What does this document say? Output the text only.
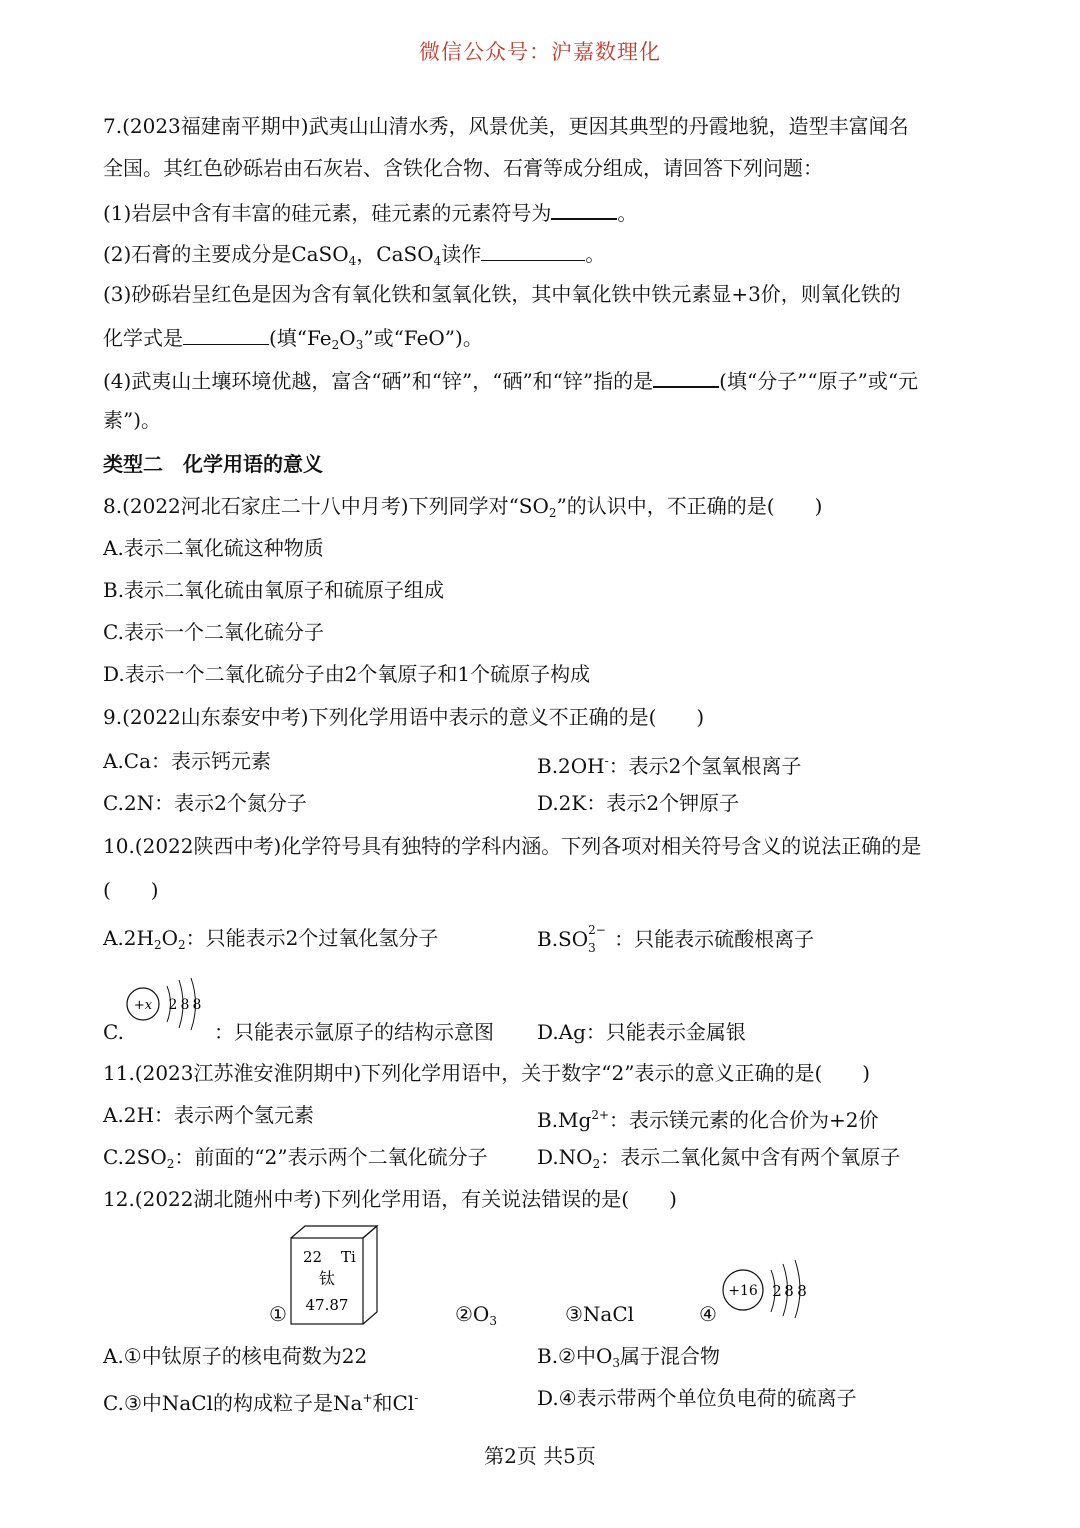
微信公众号：沪嘉数理化
7.(2023福建南平期中)武夷山山清水秀，风景优美，更因其典型的丹霞地貌，造型丰富闻名
全国。其红色砂砾岩由石灰岩、含铁化合物、石膏等成分组成，请回答下列问题：
(1)岩层中含有丰富的硅元素，硅元素的元素符号为	。
(2)石膏的主要成分是CaSO$_4$，CaSO$_4$读作	。
(3)砂砾岩呈红色是因为含有氧化铁和氢氧化铁，其中氧化铁中铁元素显+3价，则氧化铁的
化学式是	(填“$Fe_2O_3$”或“FeO”)。
(4)武夷山土壤环境优越，富含“硒”和“锌”，“硒”和“锌”指的是	(填“分子”“原子”或“元
素”)。
类型二　化学用语的意义
8.(2022河北石家庄二十八中月考)下列同学对“$SO_2$”的认识中，不正确的是(　　)
A.表示二氧化硫这种物质
B.表示二氧化硫由氧原子和硫原子组成
C.表示一个二氧化硫分子
D.表示一个二氧化硫分子由2个氧原子和1个硫原子构成
9.(2022山东泰安中考)下列化学用语中表示的意义不正确的是(　　)
A.Ca：表示钙元素	B.2OH-：表示2个氢氧根离子
C.2N：表示2个氮分子	D.2K：表示2个钾原子
10.(2022陕西中考)化学符号具有独特的学科内涵。下列各项对相关符号含义的说法正确的是
(　　)
$A.2H_2O_2$：只能表示2个过氧化氢分子	B.SO 2−
3 ：只能表示硫酸根离子
+x 2 8 8
C.	：只能表示氩原子的结构示意图 D.Ag：只能表示金属银
11.(2023江苏淮安淮阴期中)下列化学用语中，关于数字“2”表示的意义正确的是(　　)
A.2H：表示两个氢元素	$B.Mg^{2+}$：表示镁元素的化合价为+2价
$C.2SO_2$：前面的“2”表示两个二氧化硫分子 $D.NO_2$：表示二氧化氮中含有两个氧原子
12.(2022湖北随州中考)下列化学用语，有关说法错误的是(　　)
①
22 Ti
钛
47.87	$②O_3$	③NaCl	④
+16 2 8 8
A.①中钛原子的核电荷数为22	B.②中$O_3$属于混合物
C.③中NaCl的构成粒子是Na+和Cl-	D.④表示带两个单位负电荷的硫离子
第2页 共5页
